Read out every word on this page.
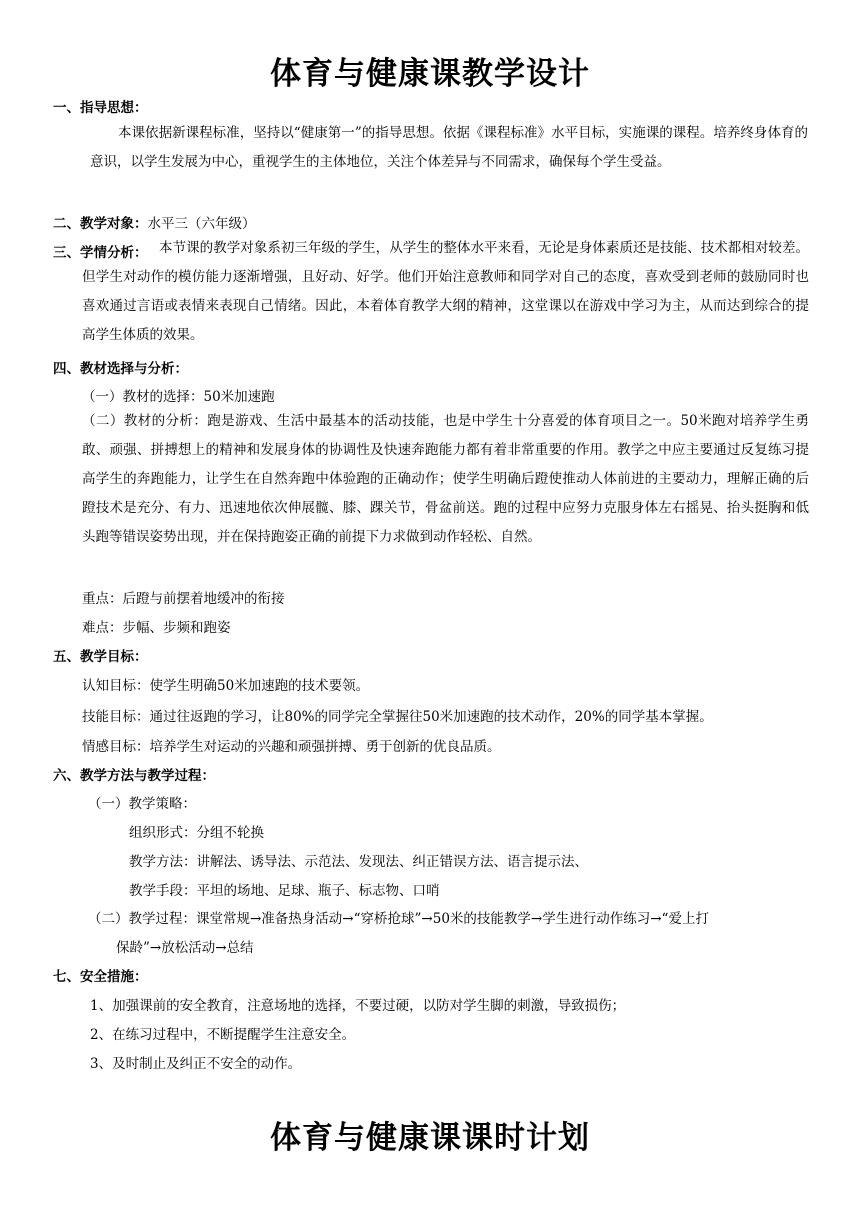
体育与健康课教学设计
一、指导思想：
本课依据新课程标准，坚持以“健康第一”的指导思想。依据《课程标准》水平目标，实施课的课程。培养终身体育的意识，以学生发展为中心，重视学生的主体地位，关注个体差异与不同需求，确保每个学生受益。
二、教学对象：水平三（六年级）
三、学情分析： 本节课的教学对象系初三年级的学生，从学生的整体水平来看，无论是身体素质还是技能、技术都相对较差。但学生对动作的模仿能力逐渐增强，且好动、好学。他们开始注意教师和同学对自己的态度，喜欢受到老师的鼓励同时也喜欢通过言语或表情来表现自己情绪。因此，本着体育教学大纲的精神，这堂课以在游戏中学习为主，从而达到综合的提高学生体质的效果。
四、教材选择与分析：
（一）教材的选择：50米加速跑
（二）教材的分析：跑是游戏、生活中最基本的活动技能，也是中学生十分喜爱的体育项目之一。50米跑对培养学生勇敢、顽强、拼搏想上的精神和发展身体的协调性及快速奔跑能力都有着非常重要的作用。教学之中应主要通过反复练习提高学生的奔跑能力，让学生在自然奔跑中体验跑的正确动作；使学生明确后蹬使推动人体前进的主要动力，理解正确的后蹬技术是充分、有力、迅速地依次伸展髋、膝、踝关节，骨盆前送。跑的过程中应努力克服身体左右摇晃、抬头挺胸和低头跑等错误姿势出现，并在保持跑姿正确的前提下力求做到动作轻松、自然。
重点：后蹬与前摆着地缓冲的衔接
难点：步幅、步频和跑姿
五、教学目标：
认知目标：使学生明确50米加速跑的技术要领。
技能目标：通过往返跑的学习，让80%的同学完全掌握往50米加速跑的技术动作，20%的同学基本掌握。
情感目标：培养学生对运动的兴趣和顽强拼搏、勇于创新的优良品质。
六、教学方法与教学过程：
（一）教学策略：
组织形式：分组不轮换
教学方法：讲解法、诱导法、示范法、发现法、纠正错误方法、语言提示法、
教学手段：平坦的场地、足球、瓶子、标志物、口哨
（二）教学过程：课堂常规→准备热身活动→“穿桥抢球”→50米的技能教学→学生进行动作练习→“爱上打
保龄”→放松活动→总结
七、安全措施：
1、加强课前的安全教育，注意场地的选择，不要过硬，以防对学生脚的刺激，导致损伤；
2、在练习过程中，不断提醒学生注意安全。
3、及时制止及纠正不安全的动作。
体育与健康课课时计划
